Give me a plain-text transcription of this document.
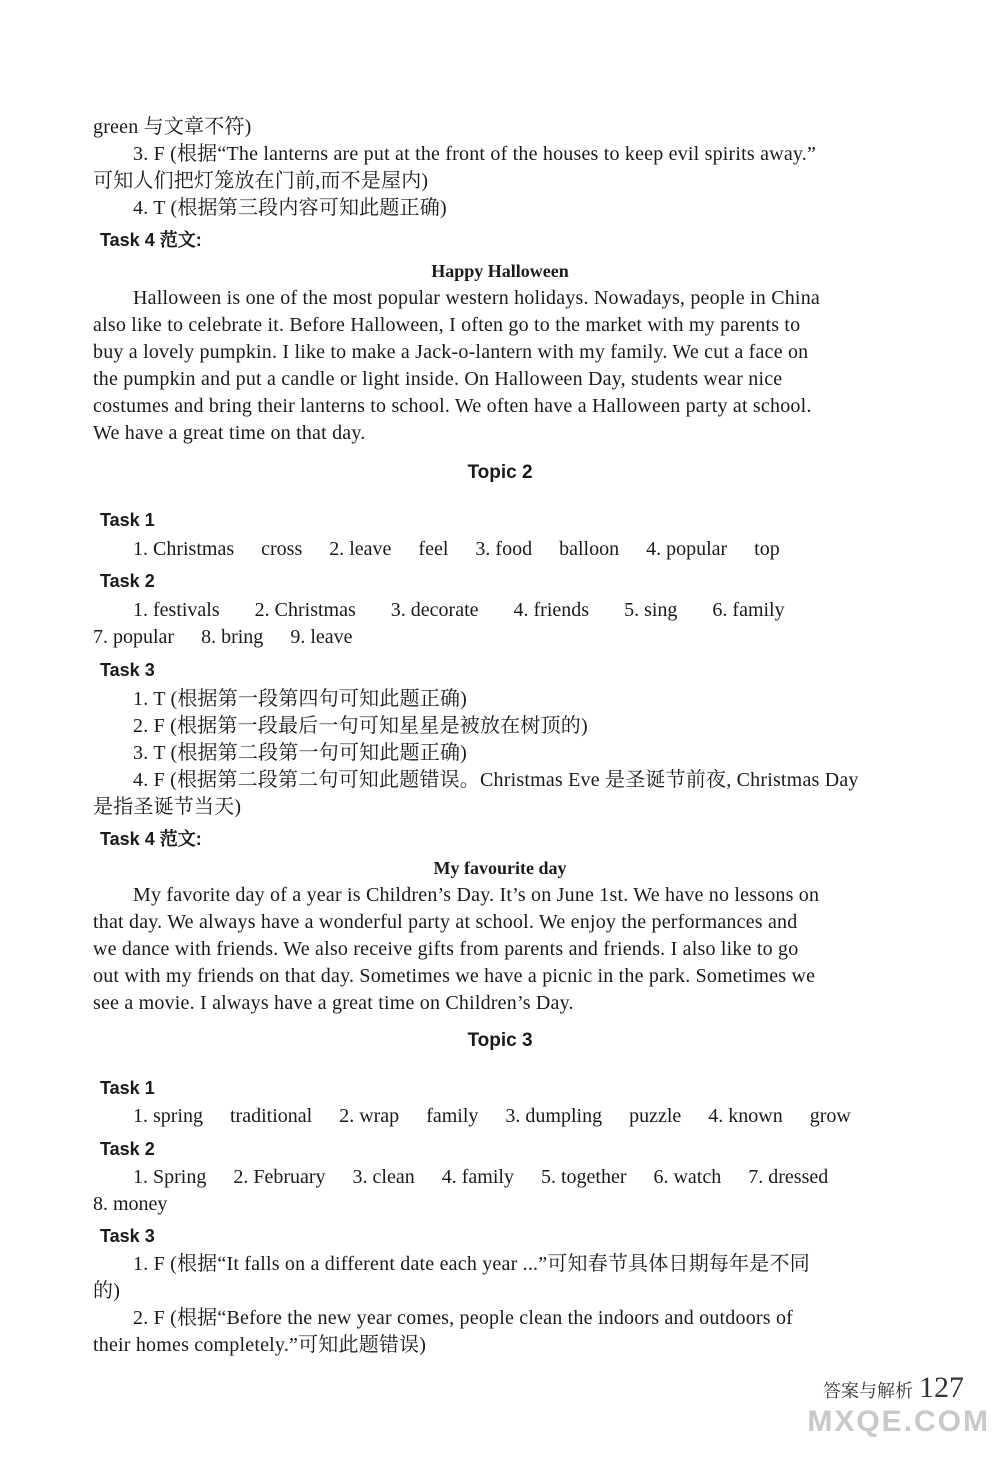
green 与文章不符)
3. F (根据“The lanterns are put at the front of the houses to keep evil spirits away.”
可知人们把灯笼放在门前,而不是屋内)
4. T (根据第三段内容可知此题正确)
Task 4 范文:
Happy Halloween
Halloween is one of the most popular western holidays. Nowadays, people in China
also like to celebrate it. Before Halloween, I often go to the market with my parents to
buy a lovely pumpkin. I like to make a Jack-o-lantern with my family. We cut a face on
the pumpkin and put a candle or light inside. On Halloween Day, students wear nice
costumes and bring their lanterns to school. We often have a Halloween party at school.
We have a great time on that day.
Topic 2
Task 1
1. Christmas cross 2. leave feel 3. food balloon 4. popular top
Task 2
1. festivals 2. Christmas 3. decorate 4. friends 5. sing 6. family
7. popular 8. bring 9. leave
Task 3
1. T (根据第一段第四句可知此题正确)
2. F (根据第一段最后一句可知星星是被放在树顶的)
3. T (根据第二段第一句可知此题正确)
4. F (根据第二段第二句可知此题错误。Christmas Eve 是圣诞节前夜, Christmas Day
是指圣诞节当天)
Task 4 范文:
My favourite day
My favorite day of a year is Children’s Day. It’s on June 1st. We have no lessons on
that day. We always have a wonderful party at school. We enjoy the performances and
we dance with friends. We also receive gifts from parents and friends. I also like to go
out with my friends on that day. Sometimes we have a picnic in the park. Sometimes we
see a movie. I always have a great time on Children’s Day.
Topic 3
Task 1
1. spring traditional 2. wrap family 3. dumpling puzzle 4. known grow
Task 2
1. Spring 2. February 3. clean 4. family 5. together 6. watch 7. dressed
8. money
Task 3
1. F (根据“It falls on a different date each year ...”可知春节具体日期每年是不同
的)
2. F (根据“Before the new year comes, people clean the indoors and outdoors of
their homes completely.”可知此题错误)
答案与解析 127
MXQE.COM
